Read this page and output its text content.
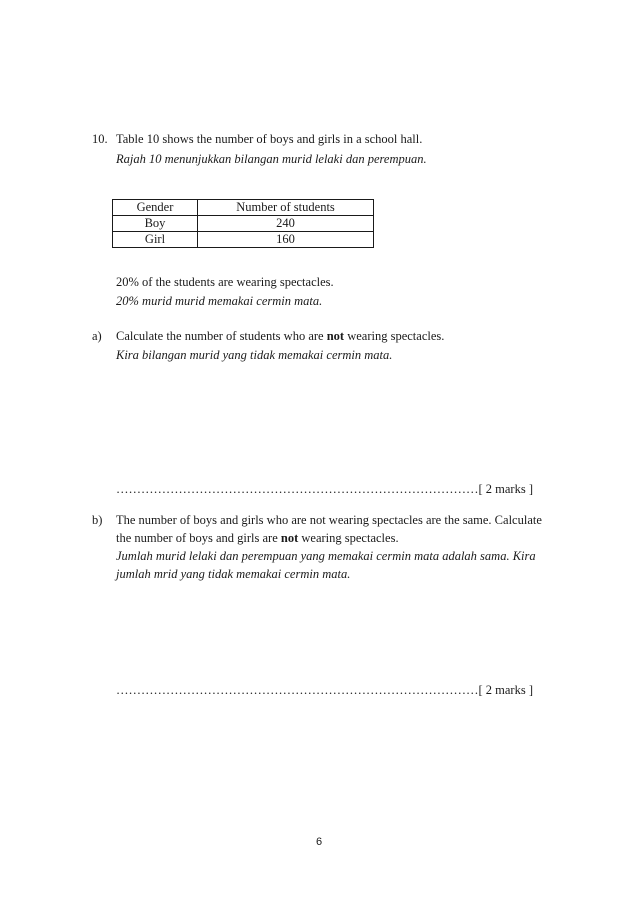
10. Table 10 shows the number of boys and girls in a school hall.
Rajah 10 menunjukkan bilangan murid lelaki dan perempuan.
Gender	Number of students
Boy	240
Girl	160
20% of the students are wearing spectacles.
20% murid murid memakai cermin mata.
a) Calculate the number of students who are not wearing spectacles.
Kira bilangan murid yang tidak memakai cermin mata.
……………………………………………………………………………[ 2 marks ]
b) The number of boys and girls who are not wearing spectacles are the same. Calculate
the number of boys and girls are not wearing spectacles.
Jumlah murid lelaki dan perempuan yang memakai cermin mata adalah sama. Kira
jumlah mrid yang tidak memakai cermin mata.
……………………………………………………………………………[ 2 marks ]
6
